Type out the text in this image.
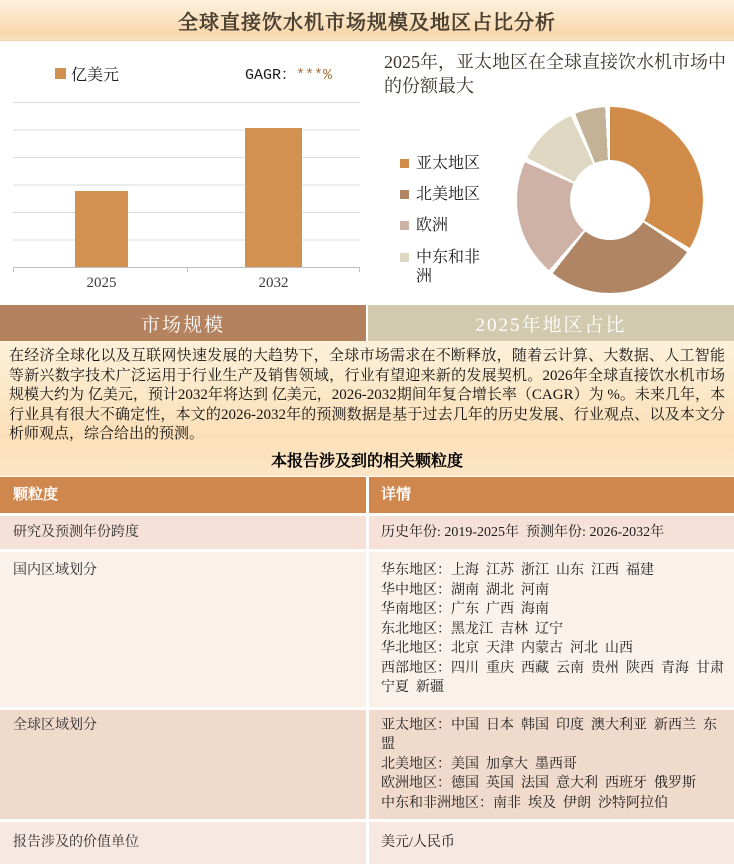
全球直接饮水机市场规模及地区占比分析
亿美元	GAGR：***%
2025	2032
2025年，亚太地区在全球直接饮水机市场中的份额最大
亚太地区
北美地区
欧洲
中东和非洲
市场规模	2025年地区占比

在经济全球化以及互联网快速发展的大趋势下，全球市场需求在不断释放，随着云计算、大数据、人工智能等新兴数字技术广泛运用于行业生产及销售领域，行业有望迎来新的发展契机。2026年全球直接饮水机市场规模大约为 亿美元，预计2032年将达到 亿美元，2026-2032期间年复合增长率（CAGR）为 %。未来几年，本行业具有很大不确定性，本文的2026-2032年的预测数据是基于过去几年的历史发展、行业观点、以及本文分析师观点，综合给出的预测。

本报告涉及到的相关颗粒度
颗粒度	详情
研究及预测年份跨度	历史年份: 2019-2025年  预测年份: 2026-2032年
国内区域划分	华东地区：上海  江苏  浙江  山东  江西  福建
华中地区：湖南  湖北  河南
华南地区：广东  广西  海南
东北地区：黑龙江  吉林  辽宁
华北地区：北京  天津  内蒙古  河北  山西
西部地区：四川  重庆  西藏  云南  贵州  陕西  青海  甘肃  宁夏  新疆
全球区域划分	亚太地区：中国  日本  韩国  印度  澳大利亚  新西兰  东盟
北美地区：美国  加拿大  墨西哥
欧洲地区：德国  英国  法国  意大利  西班牙  俄罗斯
中东和非洲地区：南非  埃及  伊朗  沙特阿拉伯
报告涉及的价值单位	美元/人民币
